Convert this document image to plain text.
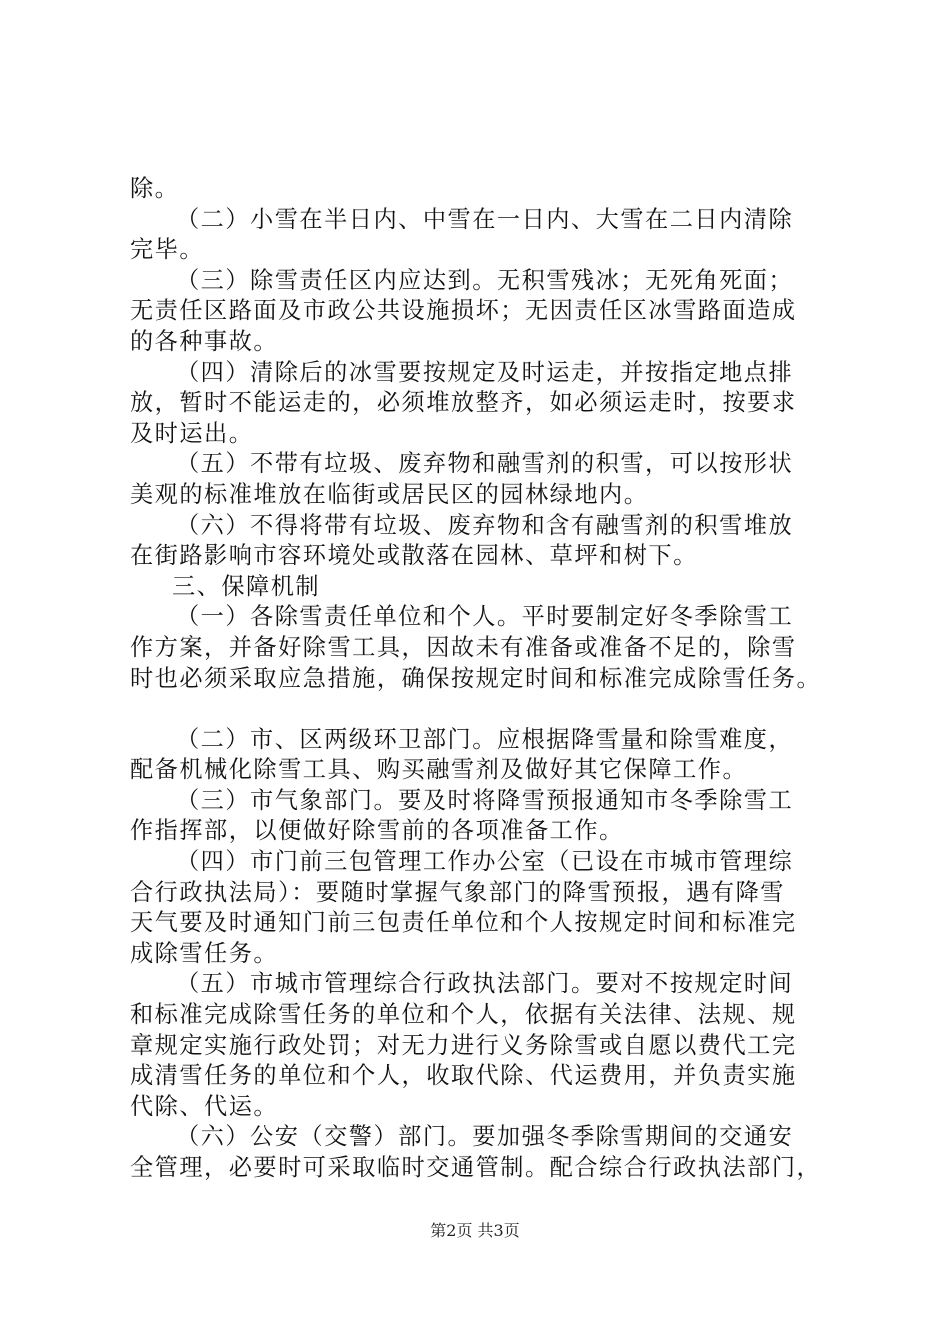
除。
（二）小雪在半日内、中雪在一日内、大雪在二日内清除
完毕。
（三）除雪责任区内应达到。无积雪残冰；无死角死面；
无责任区路面及市政公共设施损坏；无因责任区冰雪路面造成
的各种事故。
（四）清除后的冰雪要按规定及时运走，并按指定地点排
放，暂时不能运走的，必须堆放整齐，如必须运走时，按要求
及时运出。
（五）不带有垃圾、废弃物和融雪剂的积雪，可以按形状
美观的标准堆放在临街或居民区的园林绿地内。
（六）不得将带有垃圾、废弃物和含有融雪剂的积雪堆放
在街路影响市容环境处或散落在园林、草坪和树下。
三、保障机制
（一）各除雪责任单位和个人。平时要制定好冬季除雪工
作方案，并备好除雪工具，因故未有准备或准备不足的，除雪
时也必须采取应急措施，确保按规定时间和标准完成除雪任务。
（二）市、区两级环卫部门。应根据降雪量和除雪难度，
配备机械化除雪工具、购买融雪剂及做好其它保障工作。
（三）市气象部门。要及时将降雪预报通知市冬季除雪工
作指挥部，以便做好除雪前的各项准备工作。
（四）市门前三包管理工作办公室（已设在市城市管理综
合行政执法局）：要随时掌握气象部门的降雪预报，遇有降雪
天气要及时通知门前三包责任单位和个人按规定时间和标准完
成除雪任务。
（五）市城市管理综合行政执法部门。要对不按规定时间
和标准完成除雪任务的单位和个人，依据有关法律、法规、规
章规定实施行政处罚；对无力进行义务除雪或自愿以费代工完
成清雪任务的单位和个人，收取代除、代运费用，并负责实施
代除、代运。
（六）公安（交警）部门。要加强冬季除雪期间的交通安
全管理，必要时可采取临时交通管制。配合综合行政执法部门，
第2页 共3页
